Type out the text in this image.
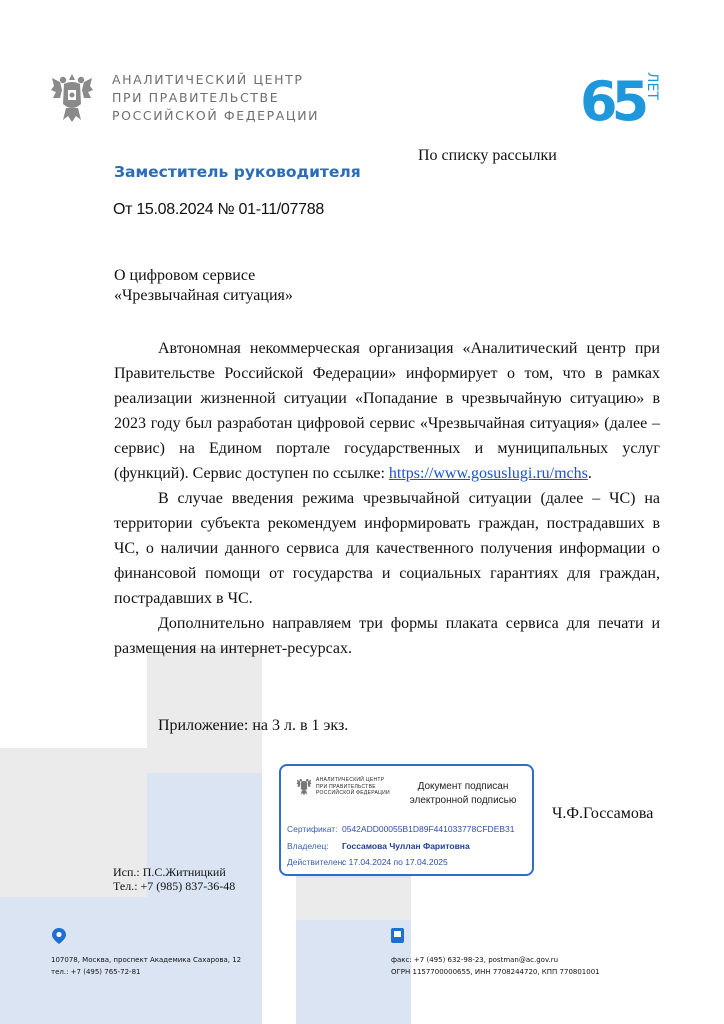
АНАЛИТИЧЕСКИЙ ЦЕНТР
ПРИ ПРАВИТЕЛЬСТВЕ
РОССИЙСКОЙ ФЕДЕРАЦИИ	65 ЛЕТ
По списку рассылки
Заместитель руководителя
От 15.08.2024 № 01-11/07788
О цифровом сервисе
«Чрезвычайная ситуация»

Автономная некоммерческая организация «Аналитический центр при Правительстве Российской Федерации» информирует о том, что в рамках реализации жизненной ситуации «Попадание в чрезвычайную ситуацию» в 2023 году был разработан цифровой сервис «Чрезвычайная ситуация» (далее – сервис) на Едином портале государственных и муниципальных услуг (функций). Сервис доступен по ссылке: https://www.gosuslugi.ru/mchs.

В случае введения режима чрезвычайной ситуации (далее – ЧС) на территории субъекта рекомендуем информировать граждан, пострадавших в ЧС, о наличии данного сервиса для качественного получения информации о финансовой помощи от государства и социальных гарантиях для граждан, пострадавших в ЧС.

Дополнительно направляем три формы плаката сервиса для печати и размещения на интернет-ресурсах.

Приложение: на 3 л. в 1 экз.
АНАЛИТИЧЕСКИЙ ЦЕНТР
ПРИ ПРАВИТЕЛЬСТВЕ
РОССИЙСКОЙ ФЕДЕРАЦИИ
Документ подписан
электронной подписью
Сертификат: 0542ADD00055B1D89F441033778CFDEB31
Владелец: Госсамова Чуллан Фаритовна
Действителен:с 17.04.2024 по 17.04.2025
Ч.Ф.Госсамова
Исп.: П.С.Житницкий
Тел.: +7 (985) 837-36-48
107078, Москва, проспект Академика Сахарова, 12
тел.: +7 (495) 765-72-81
факс: +7 (495) 632-98-23, postman@ac.gov.ru
ОГРН 1157700000655, ИНН 7708244720, КПП 770801001
